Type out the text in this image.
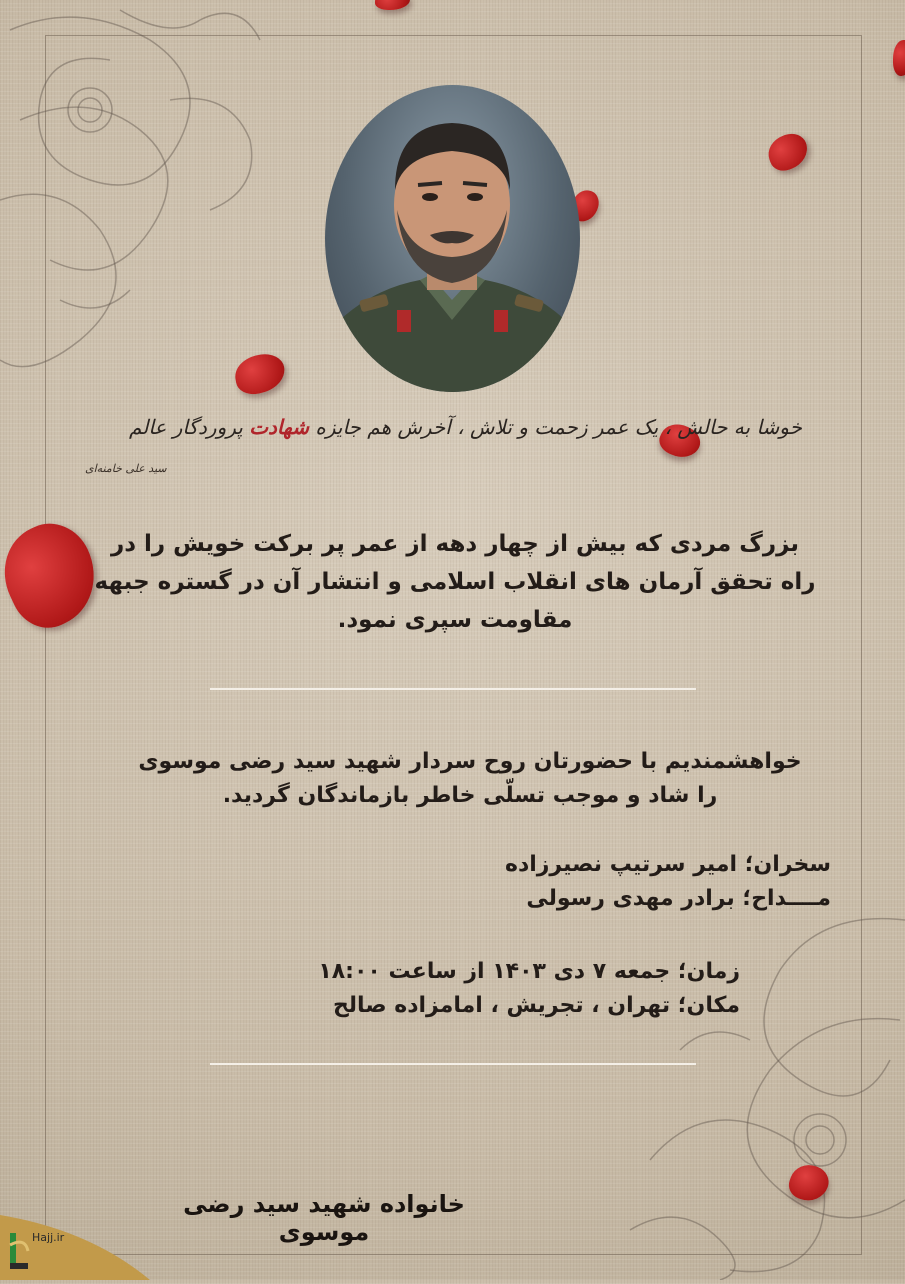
خوشا به حالش ، یک عمر زحمت و تلاش ، آخرش هم جایزه شهادت پروردگار عالم
سید علی خامنه‌ای
بزرگ مردی که بیش از چهار دهه از عمر پر برکت خویش را در راه تحقق آرمان های انقلاب اسلامی و انتشار آن در گستره جبهه مقاومت سپری نمود.
خواهشمندیم با حضورتان روح سردار شهید سید رضی موسوی
را شاد و موجب تسلّی خاطر بازماندگان گردید.
سخران؛ امیر سرتیپ نصیرزاده
مــــداح؛ برادر مهدی رسولی
زمان؛ جمعه ۷ دی ۱۴۰۳ از ساعت ۱۸:۰۰
مکان؛ تهران ، تجریش ، امامزاده صالح
خانواده شهید سید رضی موسوی
Hajj.ir
